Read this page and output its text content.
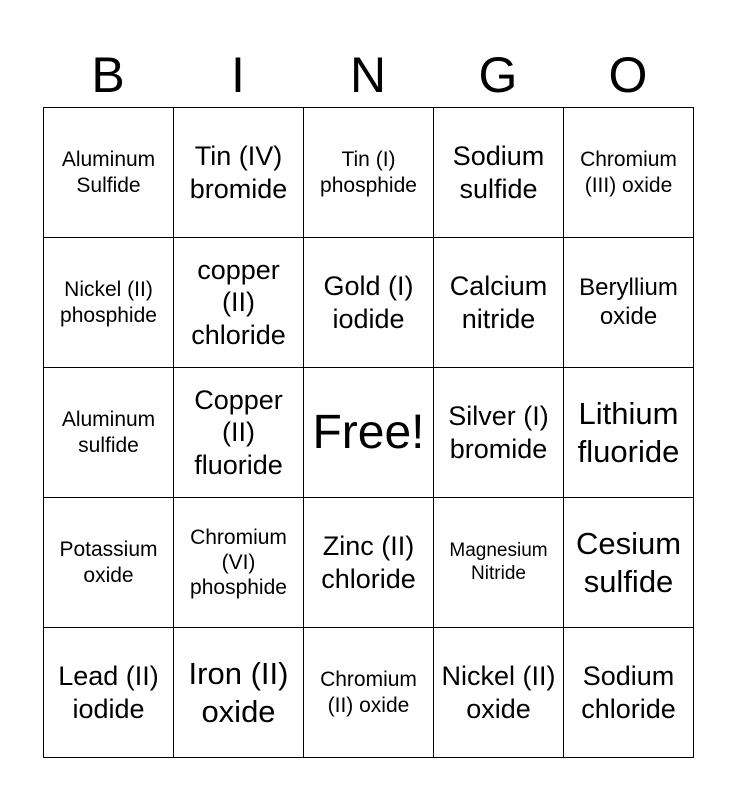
B	I	N	G	O
Aluminum Sulfide	Tin (IV) bromide	Tin (I) phosphide	Sodium sulfide	Chromium (III) oxide
Nickel (II) phosphide	copper (II) chloride	Gold (I) iodide	Calcium nitride	Beryllium oxide
Aluminum sulfide	Copper (II) fluoride	Free!	Silver (I) bromide	Lithium fluoride
Potassium oxide	Chromium (VI) phosphide	Zinc (II) chloride	Magnesium Nitride	Cesium sulfide
Lead (II) iodide	Iron (II) oxide	Chromium (II) oxide	Nickel (II) oxide	Sodium chloride
